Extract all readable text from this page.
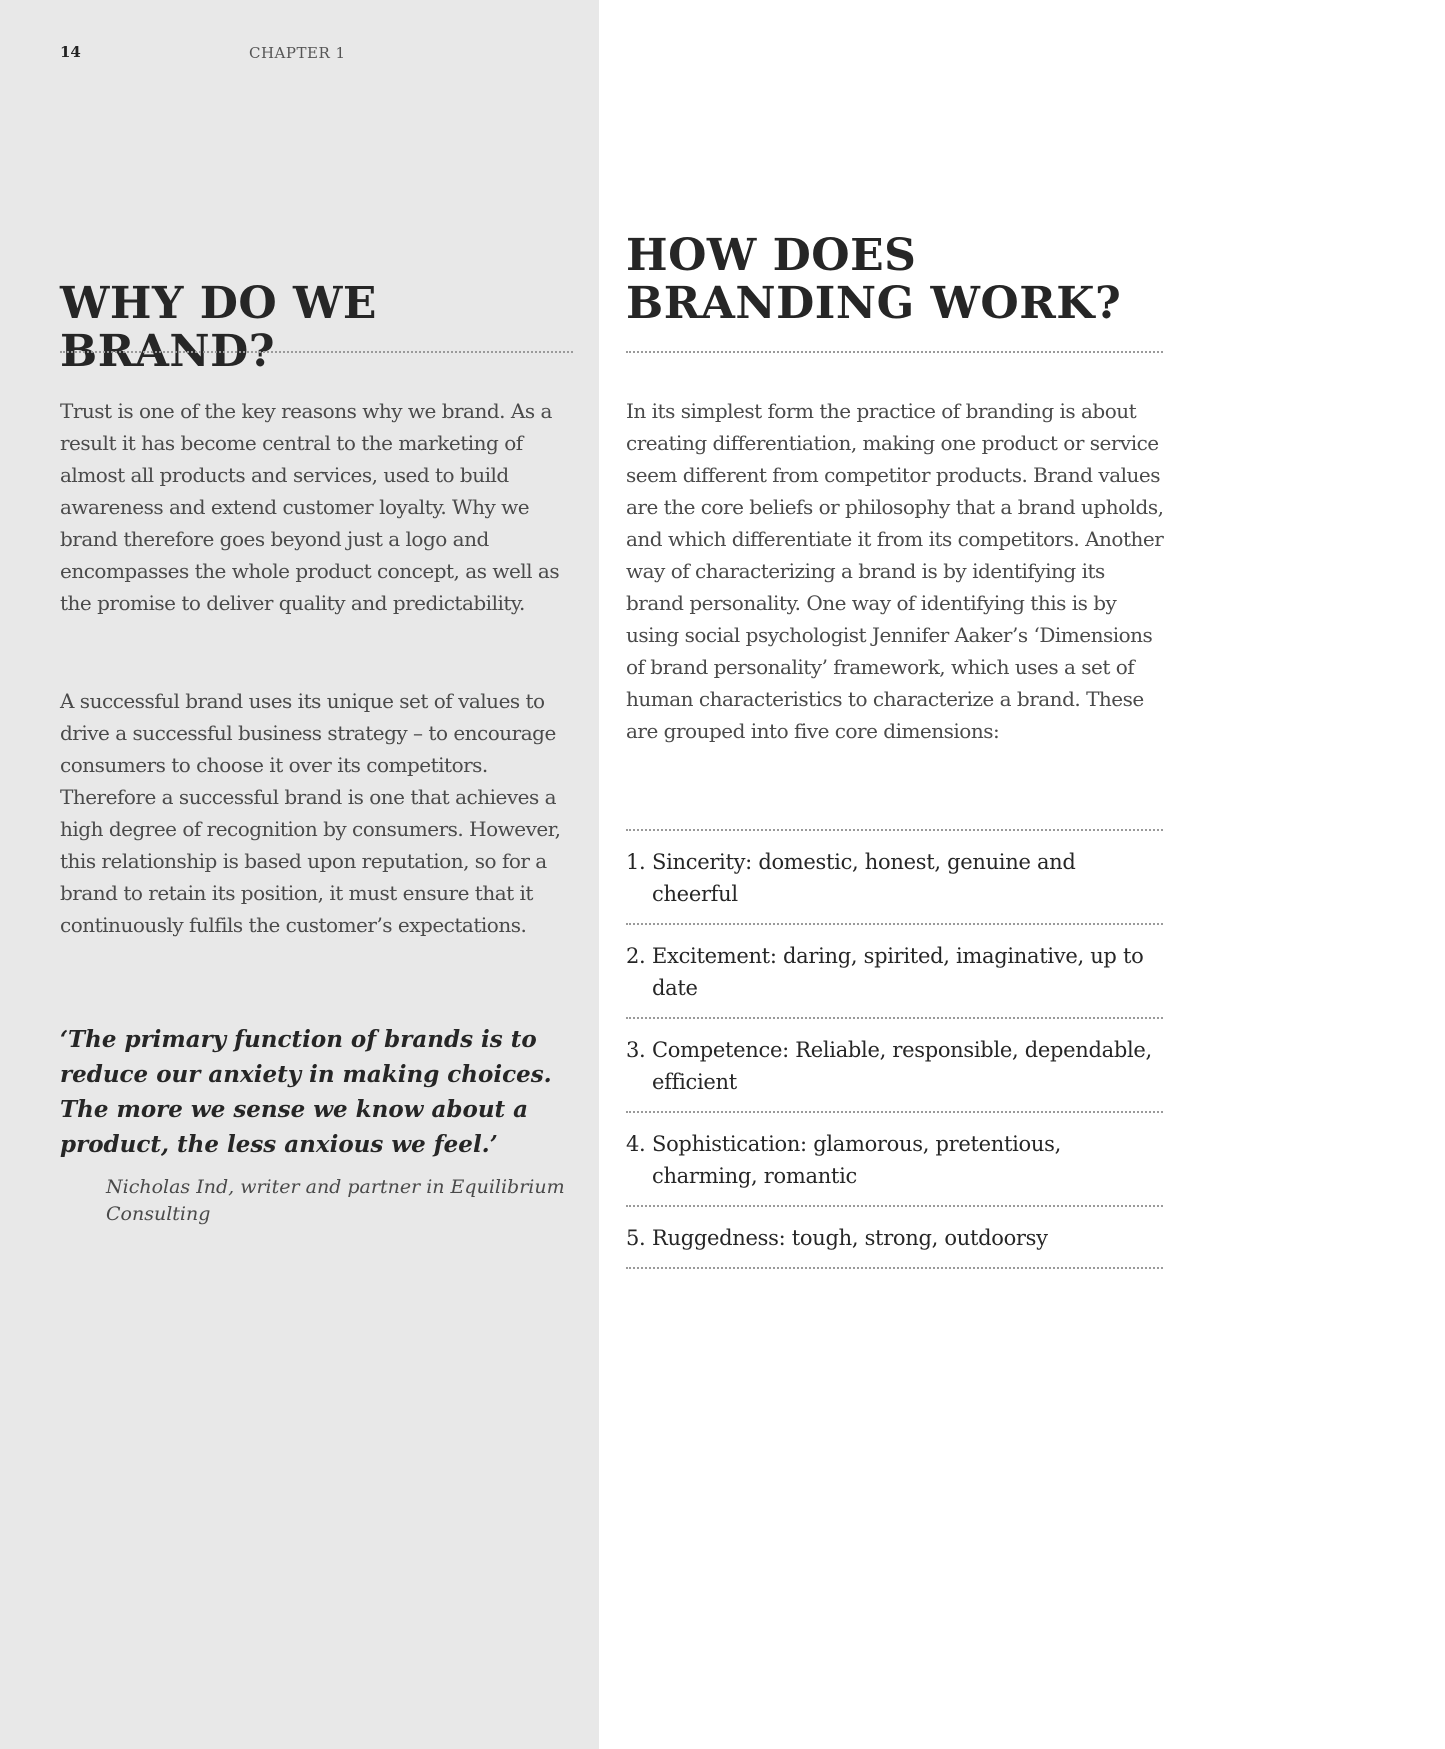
14	CHAPTER 1
WHY DO WE BRAND?

Trust is one of the key reasons why we brand. As a result it has become central to the marketing of almost all products and services, used to build awareness and extend customer loyalty. Why we brand therefore goes beyond just a logo and encompasses the whole product concept, as well as the promise to deliver quality and predictability.

A successful brand uses its unique set of values to drive a successful business strategy – to encourage consumers to choose it over its competitors. Therefore a successful brand is one that achieves a high degree of recognition by consumers. However, this relationship is based upon reputation, so for a brand to retain its position, it must ensure that it continuously fulfils the customer’s expectations.

‘The primary function of brands is to reduce our anxiety in making choices. The more we sense we know about a product, the less anxious we feel.’

Nicholas Ind, writer and partner in Equilibrium Consulting

HOW DOES
BRANDING WORK?

In its simplest form the practice of branding is about creating differentiation, making one product or service seem different from competitor products. Brand values are the core beliefs or philosophy that a brand upholds, and which differentiate it from its competitors. Another way of characterizing a brand is by identifying its brand personality. One way of identifying this is by using social psychologist Jennifer Aaker’s ‘Dimensions of brand personality’ framework, which uses a set of human characteristics to characterize a brand. These are grouped into five core dimensions:

1. Sincerity: domestic, honest, genuine and cheerful
2. Excitement: daring, spirited, imaginative, up to date
3. Competence: Reliable, responsible, dependable, efficient
4. Sophistication: glamorous, pretentious, charming, romantic
5. Ruggedness: tough, strong, outdoorsy
